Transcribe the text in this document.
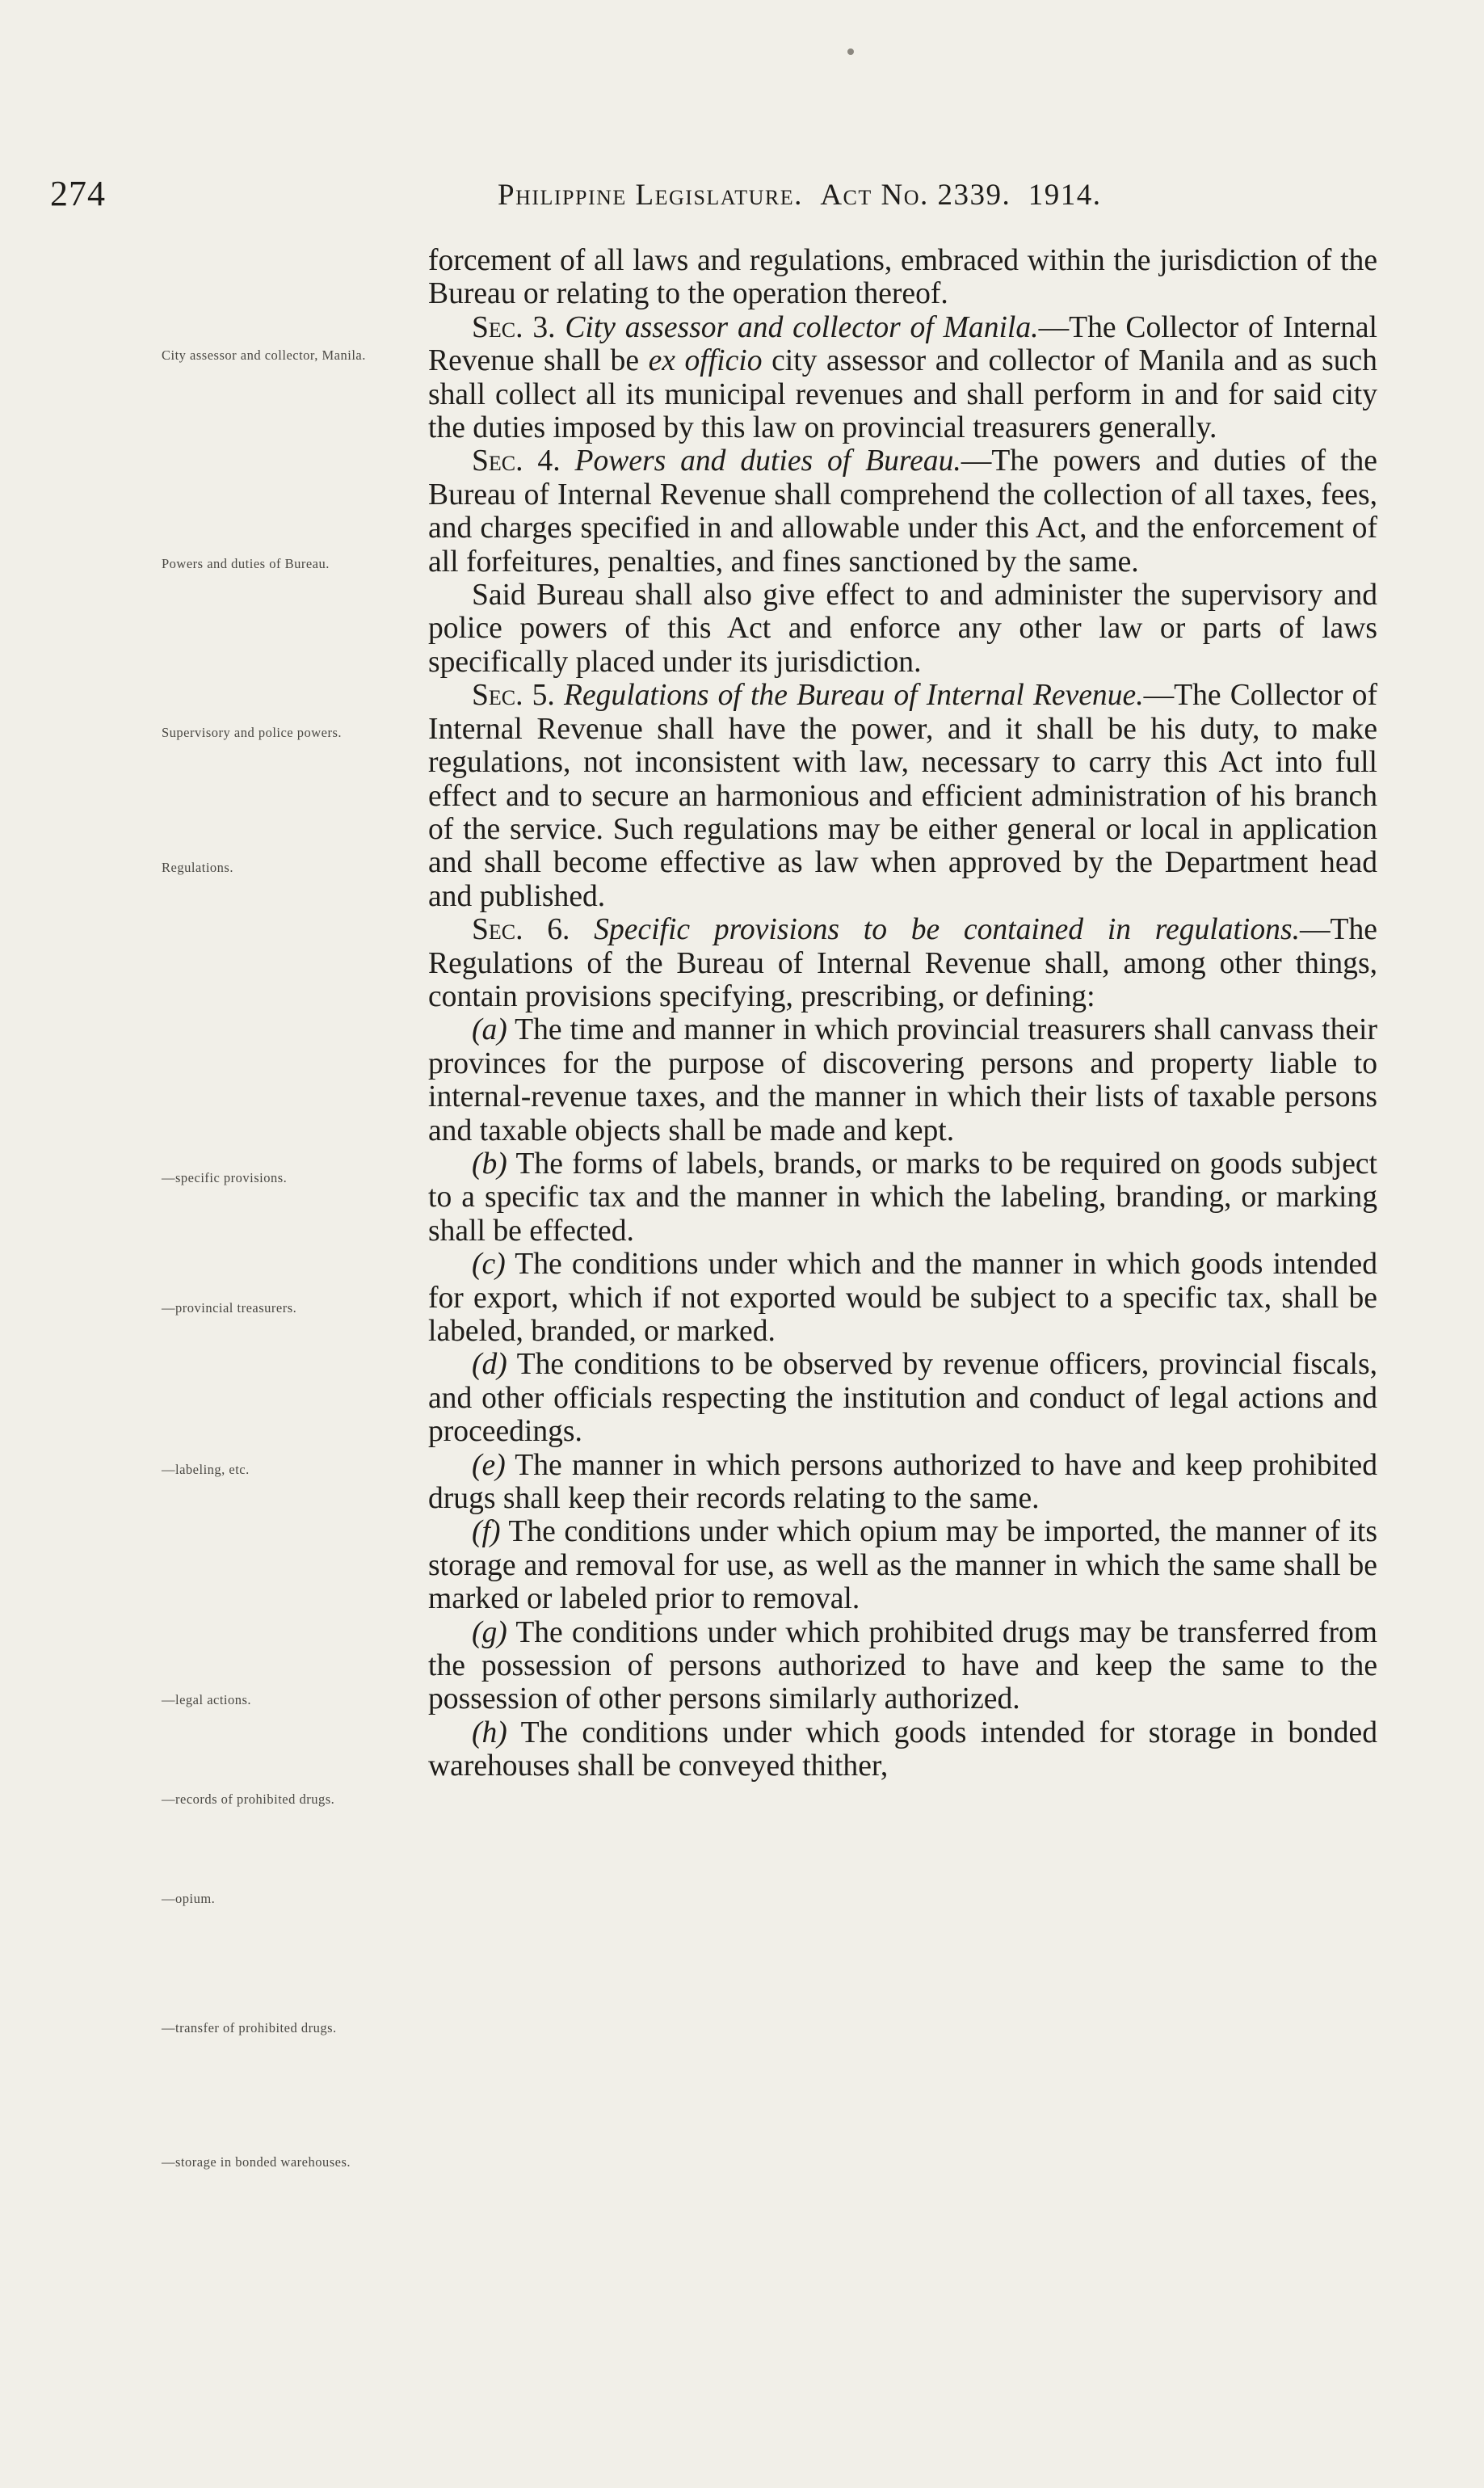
274	Philippine Legislature. Act No. 2339. 1914.
City assessor and collector, Manila.
Powers and duties of Bureau.
Supervisory and police powers.
Regulations.
—specific provisions.
—provincial treasurers.
—labeling, etc.
—legal actions.
—records of prohibited drugs.
—opium.
—transfer of prohibited drugs.
—storage in bonded warehouses.

forcement of all laws and regulations, embraced within the jurisdiction of the Bureau or relating to the operation thereof.

Sec. 3. City assessor and collector of Manila.—The Collector of Internal Revenue shall be ex officio city assessor and collector of Manila and as such shall collect all its municipal revenues and shall perform in and for said city the duties imposed by this law on provincial treasurers generally.

Sec. 4. Powers and duties of Bureau.—The powers and duties of the Bureau of Internal Revenue shall comprehend the collection of all taxes, fees, and charges specified in and allowable under this Act, and the enforcement of all forfeitures, penalties, and fines sanctioned by the same.

Said Bureau shall also give effect to and administer the supervisory and police powers of this Act and enforce any other law or parts of laws specifically placed under its jurisdiction.

Sec. 5. Regulations of the Bureau of Internal Revenue.—The Collector of Internal Revenue shall have the power, and it shall be his duty, to make regulations, not inconsistent with law, necessary to carry this Act into full effect and to secure an harmonious and efficient administration of his branch of the service. Such regulations may be either general or local in application and shall become effective as law when approved by the Department head and published.

Sec. 6. Specific provisions to be contained in regulations.—The Regulations of the Bureau of Internal Revenue shall, among other things, contain provisions specifying, prescribing, or defining:

(a) The time and manner in which provincial treasurers shall canvass their provinces for the purpose of discovering persons and property liable to internal-revenue taxes, and the manner in which their lists of taxable persons and taxable objects shall be made and kept.

(b) The forms of labels, brands, or marks to be required on goods subject to a specific tax and the manner in which the labeling, branding, or marking shall be effected.

(c) The conditions under which and the manner in which goods intended for export, which if not exported would be subject to a specific tax, shall be labeled, branded, or marked.

(d) The conditions to be observed by revenue officers, provincial fiscals, and other officials respecting the institution and conduct of legal actions and proceedings.

(e) The manner in which persons authorized to have and keep prohibited drugs shall keep their records relating to the same.

(f) The conditions under which opium may be imported, the manner of its storage and removal for use, as well as the manner in which the same shall be marked or labeled prior to removal.

(g) The conditions under which prohibited drugs may be transferred from the possession of persons authorized to have and keep the same to the possession of other persons similarly authorized.

(h) The conditions under which goods intended for storage in bonded warehouses shall be conveyed thither,
